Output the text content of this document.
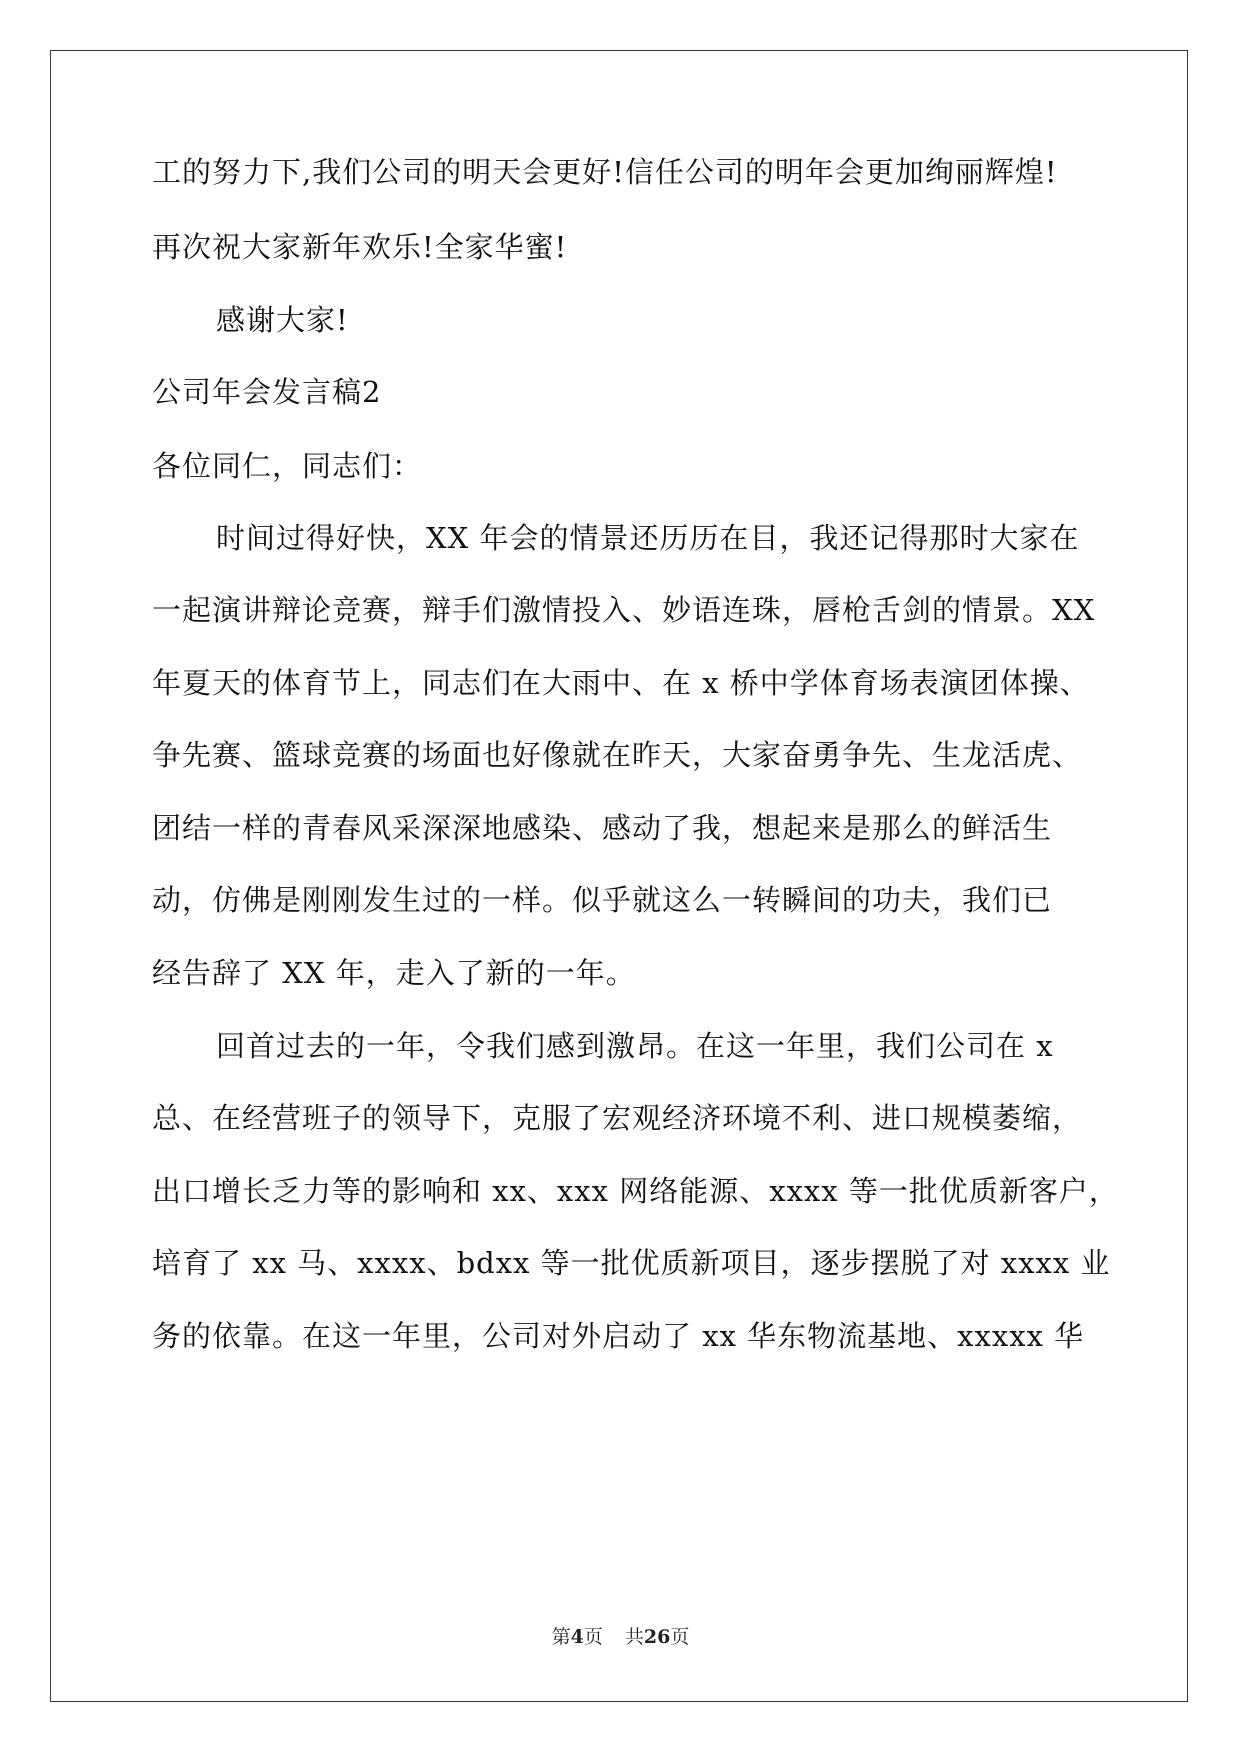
工的努力下,我们公司的明天会更好!信任公司的明年会更加绚丽辉煌!
再次祝大家新年欢乐!全家华蜜!
感谢大家!
公司年会发言稿2
各位同仁，同志们：
时间过得好快，XX 年会的情景还历历在目，我还记得那时大家在
一起演讲辩论竞赛，辩手们激情投入、妙语连珠，唇枪舌剑的情景。XX
年夏天的体育节上，同志们在大雨中、在 x 桥中学体育场表演团体操、
争先赛、篮球竞赛的场面也好像就在昨天，大家奋勇争先、生龙活虎、
团结一样的青春风采深深地感染、感动了我，想起来是那么的鲜活生
动，仿佛是刚刚发生过的一样。似乎就这么一转瞬间的功夫，我们已
经告辞了 XX 年，走入了新的一年。
回首过去的一年，令我们感到激昂。在这一年里，我们公司在 x
总、在经营班子的领导下，克服了宏观经济环境不利、进口规模萎缩，
出口增长乏力等的影响和 xx、xxx 网络能源、xxxx 等一批优质新客户，
培育了 xx 马、xxxx、bdxx 等一批优质新项目，逐步摆脱了对 xxxx 业
务的依靠。在这一年里，公司对外启动了 xx 华东物流基地、xxxxx 华
第4页 共26页
